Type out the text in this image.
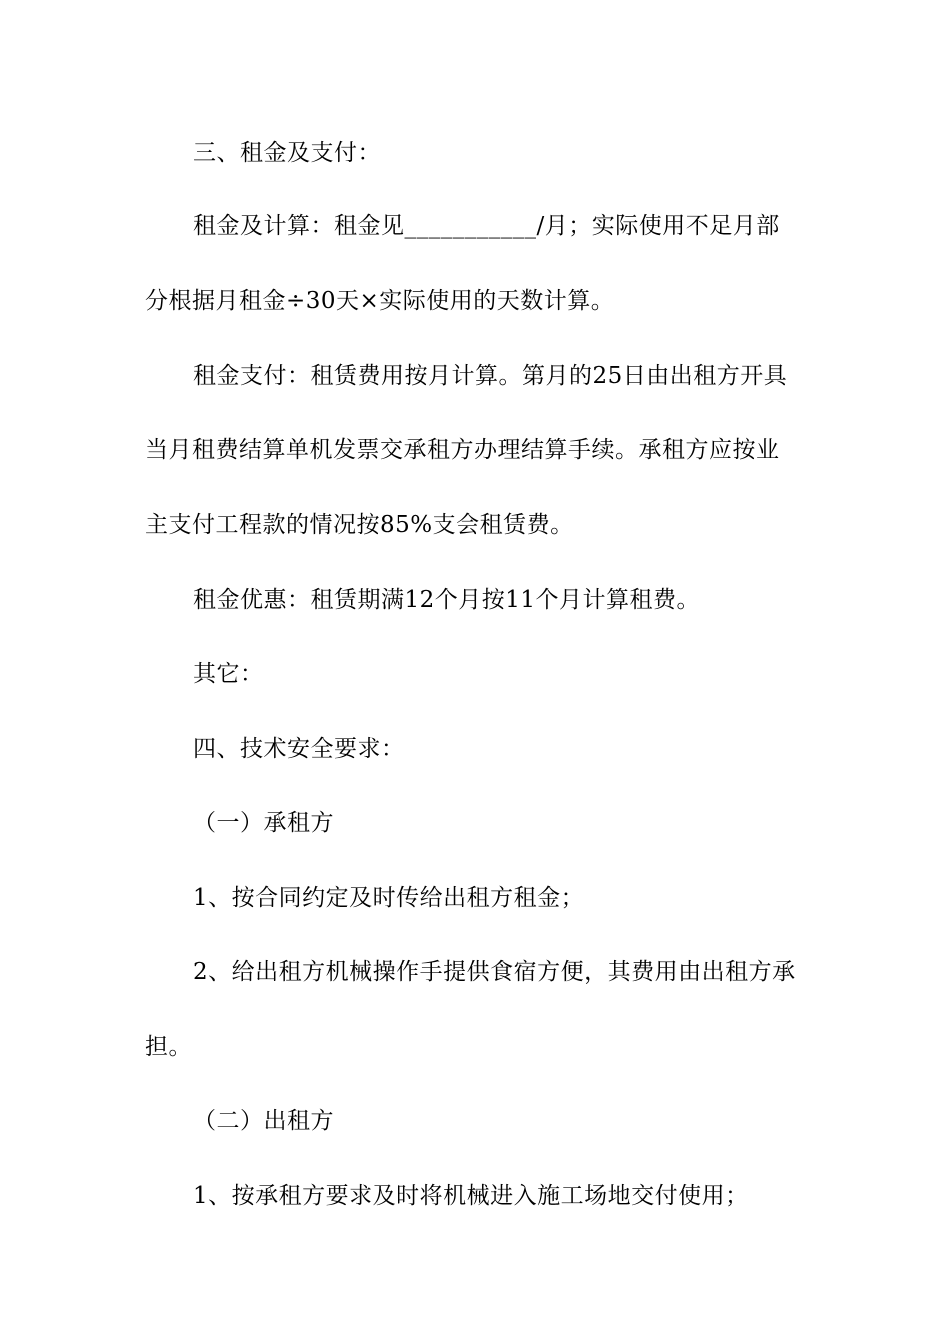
三、租金及支付：
租金及计算：租金见___________/月；实际使用不足月部
分根据月租金÷30天×实际使用的天数计算。
租金支付：租赁费用按月计算。第月的25日由出租方开具
当月租费结算单机发票交承租方办理结算手续。承租方应按业
主支付工程款的情况按85%支会租赁费。
租金优惠：租赁期满12个月按11个月计算租费。
其它：
四、技术安全要求：
（一）承租方
1、按合同约定及时传给出租方租金；
2、给出租方机械操作手提供食宿方便，其费用由出租方承
担。
（二）出租方
1、按承租方要求及时将机械进入施工场地交付使用；
